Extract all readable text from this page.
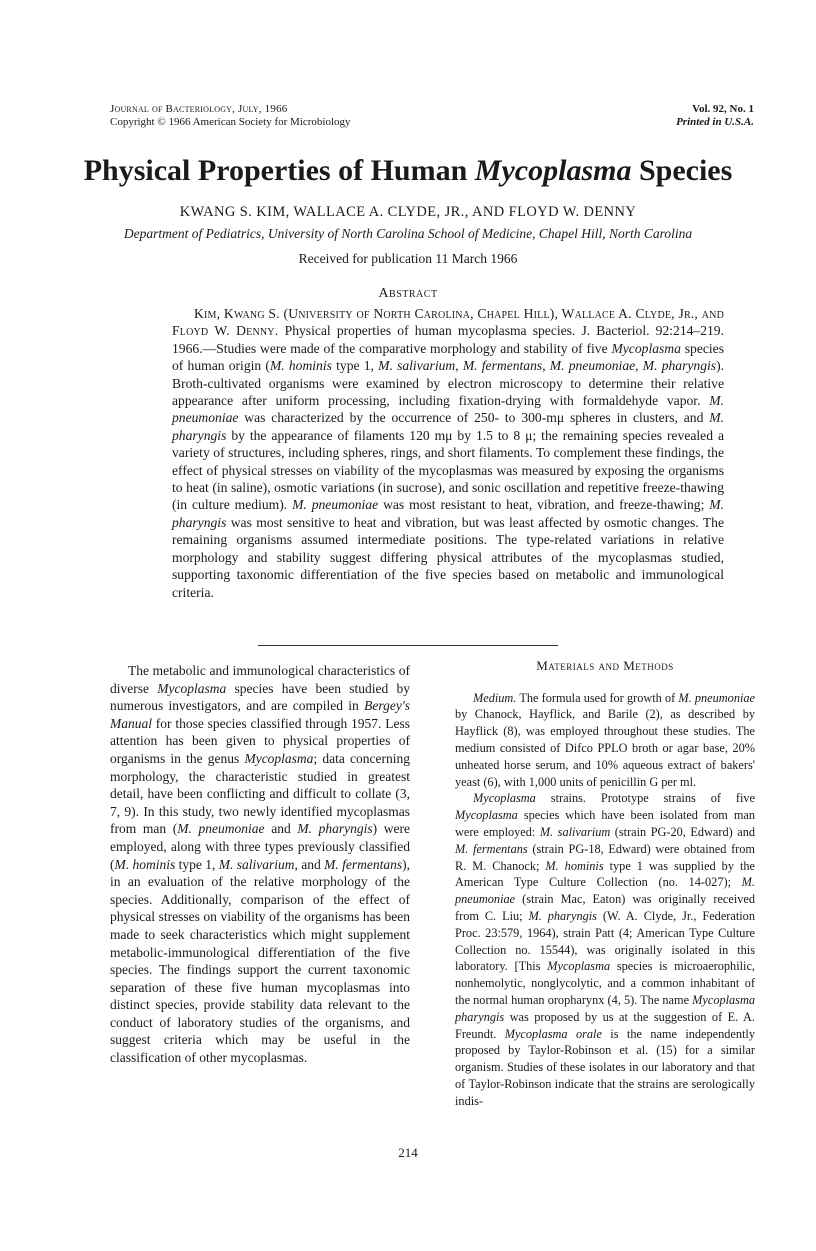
Journal of Bacteriology, July, 1966
Copyright © 1966 American Society for Microbiology
Vol. 92, No. 1
Printed in U.S.A.
Physical Properties of Human Mycoplasma Species
KWANG S. KIM, WALLACE A. CLYDE, JR., AND FLOYD W. DENNY
Department of Pediatrics, University of North Carolina School of Medicine, Chapel Hill, North Carolina
Received for publication 11 March 1966
Abstract
Kim, Kwang S. (University of North Carolina, Chapel Hill), Wallace A. Clyde, Jr., and Floyd W. Denny. Physical properties of human mycoplasma species. J. Bacteriol. 92:214–219. 1966.—Studies were made of the comparative morphology and stability of five Mycoplasma species of human origin (M. hominis type 1, M. salivarium, M. fermentans, M. pneumoniae, M. pharyngis). Broth-cultivated organisms were examined by electron microscopy to determine their relative appearance after uniform processing, including fixation-drying with formaldehyde vapor. M. pneumoniae was characterized by the occurrence of 250- to 300-mμ spheres in clusters, and M. pharyngis by the appearance of filaments 120 mμ by 1.5 to 8 μ; the remaining species revealed a variety of structures, including spheres, rings, and short filaments. To complement these findings, the effect of physical stresses on viability of the mycoplasmas was measured by exposing the organisms to heat (in saline), osmotic variations (in sucrose), and sonic oscillation and repetitive freeze-thawing (in culture medium). M. pneumoniae was most resistant to heat, vibration, and freeze-thawing; M. pharyngis was most sensitive to heat and vibration, but was least affected by osmotic changes. The remaining organisms assumed intermediate positions. The type-related variations in relative morphology and stability suggest differing physical attributes of the mycoplasmas studied, supporting taxonomic differentiation of the five species based on metabolic and immunological criteria.
The metabolic and immunological characteristics of diverse Mycoplasma species have been studied by numerous investigators, and are compiled in Bergey's Manual for those species classified through 1957. Less attention has been given to physical properties of organisms in the genus Mycoplasma; data concerning morphology, the characteristic studied in greatest detail, have been conflicting and difficult to collate (3, 7, 9). In this study, two newly identified mycoplasmas from man (M. pneumoniae and M. pharyngis) were employed, along with three types previously classified (M. hominis type 1, M. salivarium, and M. fermentans), in an evaluation of the relative morphology of the species. Additionally, comparison of the effect of physical stresses on viability of the organisms has been made to seek characteristics which might supplement metabolic-immunological differentiation of the five species. The findings support the current taxonomic separation of these five human mycoplasmas into distinct species, provide stability data relevant to the conduct of laboratory studies of the organisms, and suggest criteria which may be useful in the classification of other mycoplasmas.
Materials and Methods

Medium. The formula used for growth of M. pneumoniae by Chanock, Hayflick, and Barile (2), as described by Hayflick (8), was employed throughout these studies. The medium consisted of Difco PPLO broth or agar base, 20% unheated horse serum, and 10% aqueous extract of bakers' yeast (6), with 1,000 units of penicillin G per ml.

Mycoplasma strains. Prototype strains of five Mycoplasma species which have been isolated from man were employed: M. salivarium (strain PG-20, Edward) and M. fermentans (strain PG-18, Edward) were obtained from R. M. Chanock; M. hominis type 1 was supplied by the American Type Culture Collection (no. 14-027); M. pneumoniae (strain Mac, Eaton) was originally received from C. Liu; M. pharyngis (W. A. Clyde, Jr., Federation Proc. 23:579, 1964), strain Patt (4; American Type Culture Collection no. 15544), was originally isolated in this laboratory. [This Mycoplasma species is microaerophilic, nonhemolytic, nonglycolytic, and a common inhabitant of the normal human oropharynx (4, 5). The name Mycoplasma pharyngis was proposed by us at the suggestion of E. A. Freundt. Mycoplasma orale is the name independently proposed by Taylor-Robinson et al. (15) for a similar organism. Studies of these isolates in our laboratory and that of Taylor-Robinson indicate that the strains are serologically indis-

214
